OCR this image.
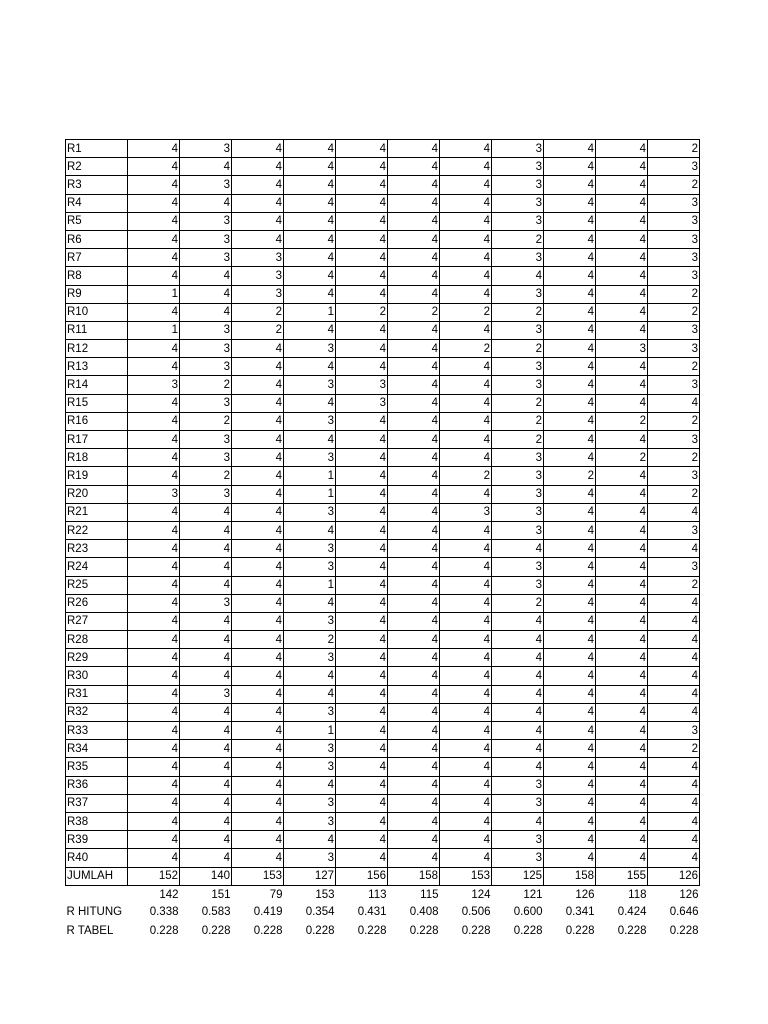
R1	4	3	4	4	4	4	4	3	4	4	2
R2	4	4	4	4	4	4	4	3	4	4	3
R3	4	3	4	4	4	4	4	3	4	4	2
R4	4	4	4	4	4	4	4	3	4	4	3
R5	4	3	4	4	4	4	4	3	4	4	3
R6	4	3	4	4	4	4	4	2	4	4	3
R7	4	3	3	4	4	4	4	3	4	4	3
R8	4	4	3	4	4	4	4	4	4	4	3
R9	1	4	3	4	4	4	4	3	4	4	2
R10	4	4	2	1	2	2	2	2	4	4	2
R11	1	3	2	4	4	4	4	3	4	4	3
R12	4	3	4	3	4	4	2	2	4	3	3
R13	4	3	4	4	4	4	4	3	4	4	2
R14	3	2	4	3	3	4	4	3	4	4	3
R15	4	3	4	4	3	4	4	2	4	4	4
R16	4	2	4	3	4	4	4	2	4	2	2
R17	4	3	4	4	4	4	4	2	4	4	3
R18	4	3	4	3	4	4	4	3	4	2	2
R19	4	2	4	1	4	4	2	3	2	4	3
R20	3	3	4	1	4	4	4	3	4	4	2
R21	4	4	4	3	4	4	3	3	4	4	4
R22	4	4	4	4	4	4	4	3	4	4	3
R23	4	4	4	3	4	4	4	4	4	4	4
R24	4	4	4	3	4	4	4	3	4	4	3
R25	4	4	4	1	4	4	4	3	4	4	2
R26	4	3	4	4	4	4	4	2	4	4	4
R27	4	4	4	3	4	4	4	4	4	4	4
R28	4	4	4	2	4	4	4	4	4	4	4
R29	4	4	4	3	4	4	4	4	4	4	4
R30	4	4	4	4	4	4	4	4	4	4	4
R31	4	3	4	4	4	4	4	4	4	4	4
R32	4	4	4	3	4	4	4	4	4	4	4
R33	4	4	4	1	4	4	4	4	4	4	3
R34	4	4	4	3	4	4	4	4	4	4	2
R35	4	4	4	3	4	4	4	4	4	4	4
R36	4	4	4	4	4	4	4	3	4	4	4
R37	4	4	4	3	4	4	4	3	4	4	4
R38	4	4	4	3	4	4	4	4	4	4	4
R39	4	4	4	4	4	4	4	3	4	4	4
R40	4	4	4	3	4	4	4	3	4	4	4
JUMLAH	152	140	153	127	156	158	153	125	158	155	126
	142	151	79	153	113	115	124	121	126	118	126
R HITUNG	0.338	0.583	0.419	0.354	0.431	0.408	0.506	0.600	0.341	0.424	0.646
R TABEL	0.228	0.228	0.228	0.228	0.228	0.228	0.228	0.228	0.228	0.228	0.228
